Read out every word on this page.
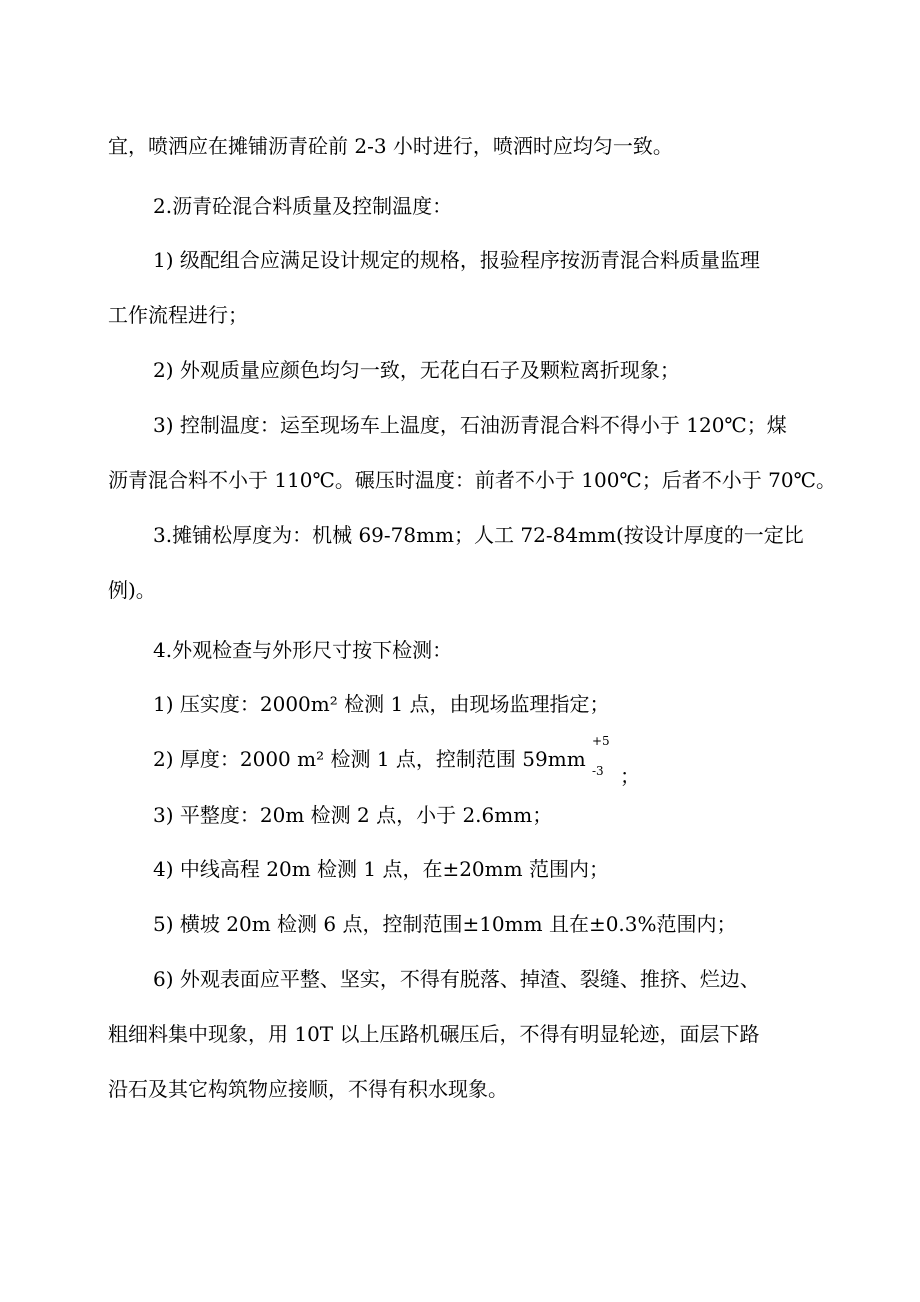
宜，喷洒应在摊铺沥青砼前 2-3 小时进行，喷洒时应均匀一致。

2.沥青砼混合料质量及控制温度：

1) 级配组合应满足设计规定的规格，报验程序按沥青混合料质量监理

工作流程进行；

2) 外观质量应颜色均匀一致，无花白石子及颗粒离折现象；

3) 控制温度：运至现场车上温度，石油沥青混合料不得小于 120℃；煤

沥青混合料不小于 110℃。碾压时温度：前者不小于 100℃；后者不小于 70℃。

3.摊铺松厚度为：机械 69-78mm；人工 72-84mm(按设计厚度的一定比

例)。

4.外观检查与外形尺寸按下检测：

1) 压实度：2000m² 检测 1 点，由现场监理指定；

2) 厚度：2000 m² 检测 1 点，控制范围 59mm

+5
-3 ；

3) 平整度：20m 检测 2 点，小于 2.6mm；

4) 中线高程 20m 检测 1 点，在±20mm 范围内；

5) 横坡 20m 检测 6 点，控制范围±10mm 且在±0.3%范围内；

6) 外观表面应平整、坚实，不得有脱落、掉渣、裂缝、推挤、烂边、

粗细料集中现象，用 10T 以上压路机碾压后，不得有明显轮迹，面层下路

沿石及其它构筑物应接顺，不得有积水现象。
